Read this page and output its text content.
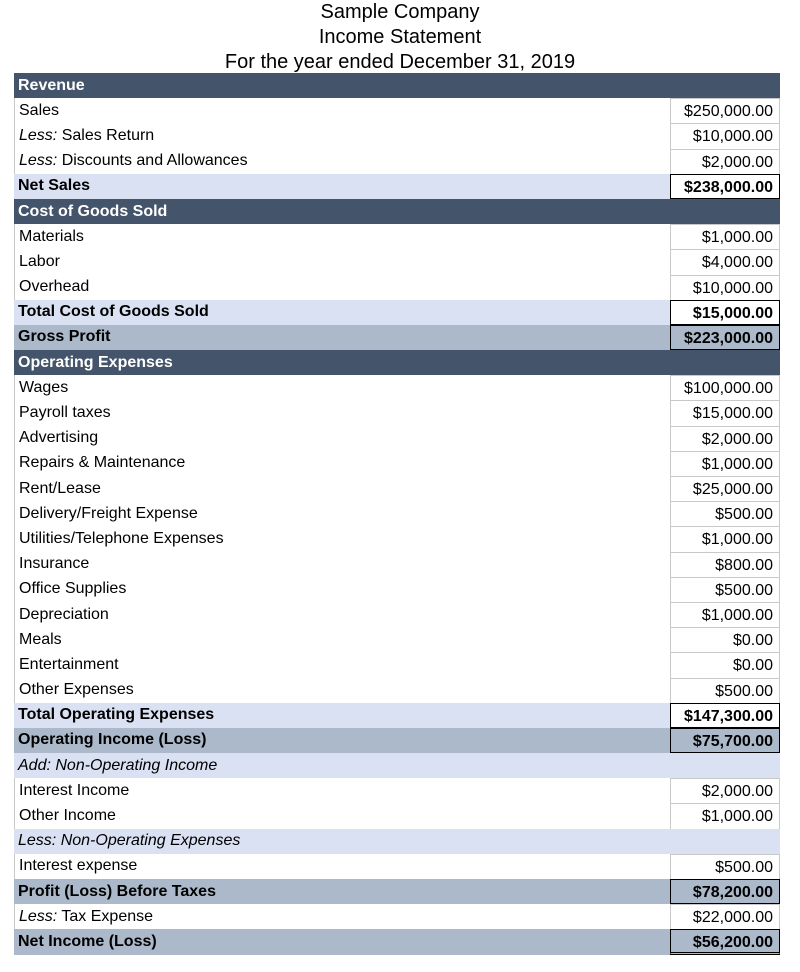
Sample Company
Income Statement
For the year ended December 31, 2019
Revenue
Sales	$250,000.00
Less: Sales Return	$10,000.00
Less: Discounts and Allowances	$2,000.00
Net Sales	$238,000.00
Cost of Goods Sold
Materials	$1,000.00
Labor	$4,000.00
Overhead	$10,000.00
Total Cost of Goods Sold	$15,000.00
Gross Profit	$223,000.00
Operating Expenses
Wages	$100,000.00
Payroll taxes	$15,000.00
Advertising	$2,000.00
Repairs & Maintenance	$1,000.00
Rent/Lease	$25,000.00
Delivery/Freight Expense	$500.00
Utilities/Telephone Expenses	$1,000.00
Insurance	$800.00
Office Supplies	$500.00
Depreciation	$1,000.00
Meals	$0.00
Entertainment	$0.00
Other Expenses	$500.00
Total Operating Expenses	$147,300.00
Operating Income (Loss)	$75,700.00
Add: Non-Operating Income
Interest Income	$2,000.00
Other Income	$1,000.00
Less: Non-Operating Expenses
Interest expense	$500.00
Profit (Loss) Before Taxes	$78,200.00
Less: Tax Expense	$22,000.00
Net Income (Loss)	$56,200.00
